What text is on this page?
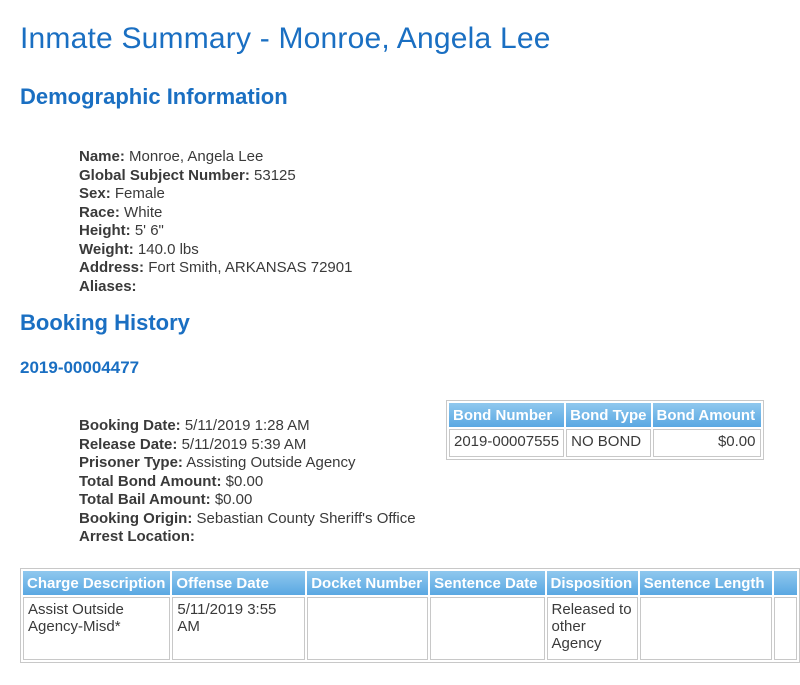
Inmate Summary - Monroe, Angela Lee
Demographic Information
Name: Monroe, Angela Lee
Global Subject Number: 53125
Sex: Female
Race: White
Height: 5' 6"
Weight: 140.0 lbs
Address: Fort Smith, ARKANSAS 72901
Aliases:
Booking History
2019-00004477
Booking Date: 5/11/2019 1:28 AM
Release Date: 5/11/2019 5:39 AM
Prisoner Type: Assisting Outside Agency
Total Bond Amount: $0.00
Total Bail Amount: $0.00
Booking Origin: Sebastian County Sheriff's Office
Arrest Location:
Bond Number	Bond Type	Bond Amount
2019-00007555	NO BOND	$0.00
Charge Description	Offense Date	Docket Number	Sentence Date	Disposition	Sentence Length	
Assist Outside Agency-Misd*	5/11/2019 3:55 AM			Released to other Agency		
